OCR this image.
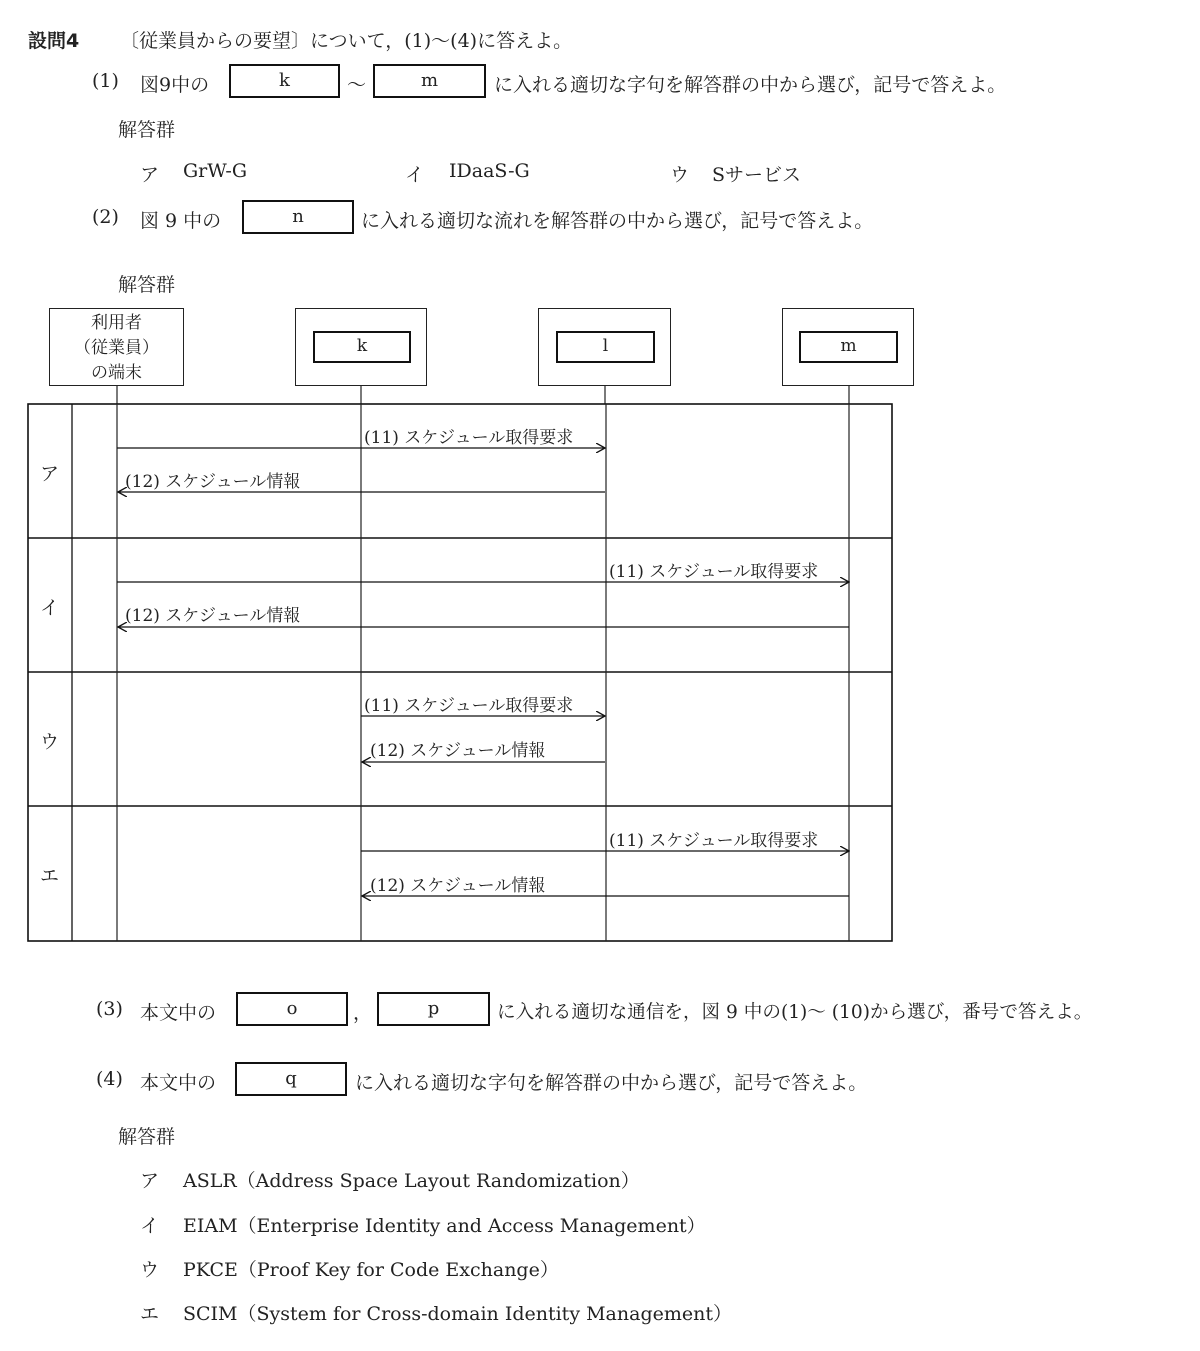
設問4 〔従業員からの要望〕について，(1)〜(4)に答えよ。
(1) 図9中の	k	〜	m	に入れる適切な字句を解答群の中から選び，記号で答えよ。
解答群
ア GrW-G	イ IDaaS-G	ウ Sサービス
(2) 図 9 中の	n	に入れる適切な流れを解答群の中から選び，記号で答えよ。
解答群
利用者
（従業員）
の端末
k	l	m
ア
イ
ウ
エ
(11) スケジュール取得要求
(12) スケジュール情報
(11) スケジュール取得要求
(12) スケジュール情報
(11) スケジュール取得要求
(12) スケジュール情報
(11) スケジュール取得要求
(12) スケジュール情報
(3) 本文中の	o	，	p	に入れる適切な通信を，図 9 中の(1)〜 (10)から選び，番号で答えよ。
(4) 本文中の	q	に入れる適切な字句を解答群の中から選び，記号で答えよ。
解答群
ア ASLR（Address Space Layout Randomization）
イ EIAM（Enterprise Identity and Access Management）
ウ PKCE（Proof Key for Code Exchange）
エ SCIM（System for Cross-domain Identity Management）
